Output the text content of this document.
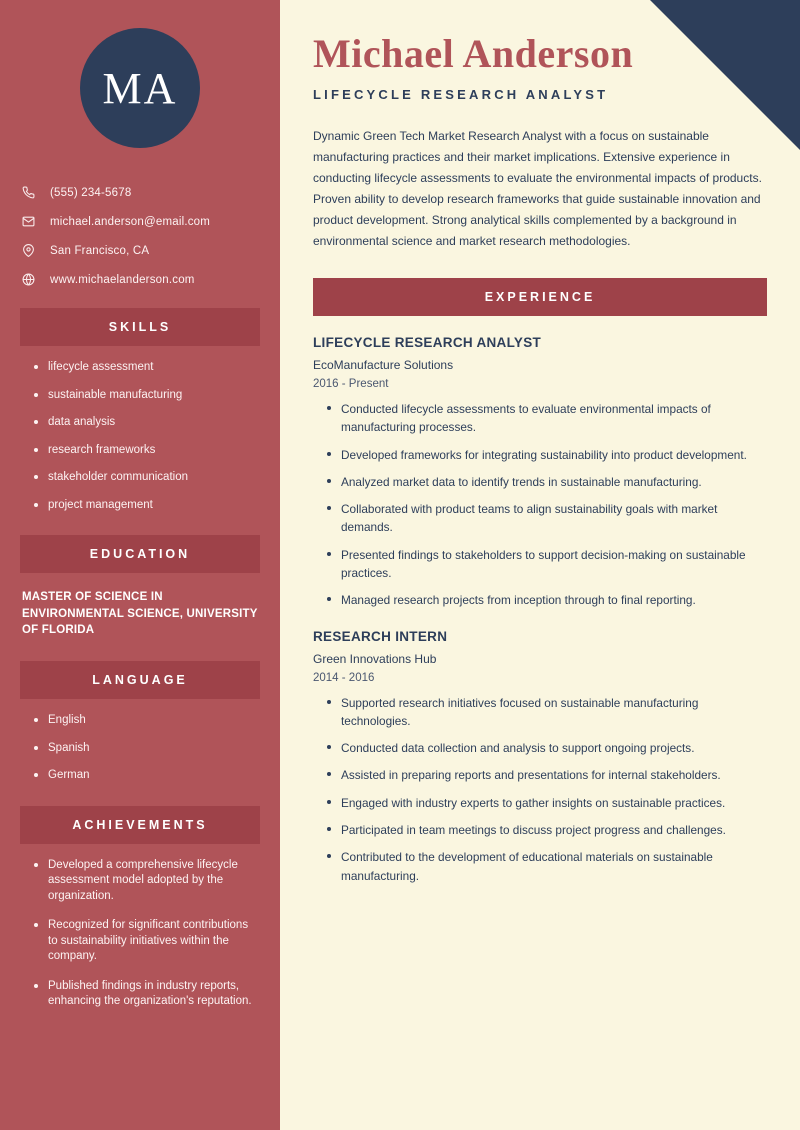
MA
(555) 234-5678
michael.anderson@email.com
San Francisco, CA
www.michaelanderson.com
SKILLS
lifecycle assessment
sustainable manufacturing
data analysis
research frameworks
stakeholder communication
project management
EDUCATION
MASTER OF SCIENCE IN ENVIRONMENTAL SCIENCE, UNIVERSITY OF FLORIDA
LANGUAGE
English
Spanish
German
ACHIEVEMENTS
Developed a comprehensive lifecycle assessment model adopted by the organization.
Recognized for significant contributions to sustainability initiatives within the company.
Published findings in industry reports, enhancing the organization's reputation.
Michael Anderson
LIFECYCLE RESEARCH ANALYST

Dynamic Green Tech Market Research Analyst with a focus on sustainable manufacturing practices and their market implications. Extensive experience in conducting lifecycle assessments to evaluate the environmental impacts of products. Proven ability to develop research frameworks that guide sustainable innovation and product development. Strong analytical skills complemented by a background in environmental science and market research methodologies.

EXPERIENCE
LIFECYCLE RESEARCH ANALYST
EcoManufacture Solutions
2016 - Present
Conducted lifecycle assessments to evaluate environmental impacts of manufacturing processes.
Developed frameworks for integrating sustainability into product development.
Analyzed market data to identify trends in sustainable manufacturing.
Collaborated with product teams to align sustainability goals with market demands.
Presented findings to stakeholders to support decision-making on sustainable practices.
Managed research projects from inception through to final reporting.
RESEARCH INTERN
Green Innovations Hub
2014 - 2016
Supported research initiatives focused on sustainable manufacturing technologies.
Conducted data collection and analysis to support ongoing projects.
Assisted in preparing reports and presentations for internal stakeholders.
Engaged with industry experts to gather insights on sustainable practices.
Participated in team meetings to discuss project progress and challenges.
Contributed to the development of educational materials on sustainable manufacturing.
